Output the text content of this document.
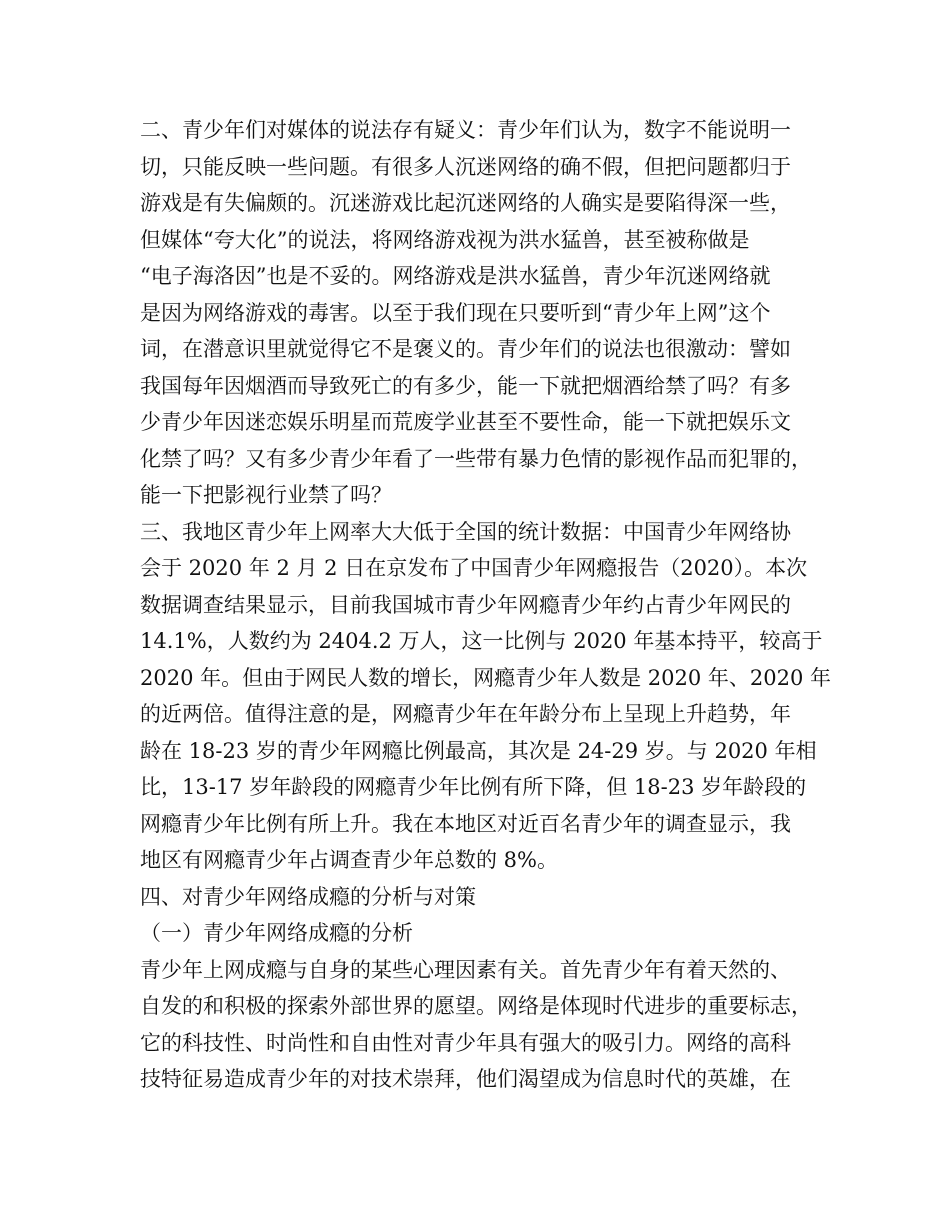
二、青少年们对媒体的说法存有疑义：青少年们认为，数字不能说明一
切，只能反映一些问题。有很多人沉迷网络的确不假，但把问题都归于
游戏是有失偏颇的。沉迷游戏比起沉迷网络的人确实是要陷得深一些，
但媒体“夸大化”的说法，将网络游戏视为洪水猛兽，甚至被称做是
“电子海洛因”也是不妥的。网络游戏是洪水猛兽，青少年沉迷网络就
是因为网络游戏的毒害。以至于我们现在只要听到“青少年上网”这个
词，在潜意识里就觉得它不是褒义的。青少年们的说法也很激动：譬如
我国每年因烟酒而导致死亡的有多少，能一下就把烟酒给禁了吗？有多
少青少年因迷恋娱乐明星而荒废学业甚至不要性命，能一下就把娱乐文
化禁了吗？又有多少青少年看了一些带有暴力色情的影视作品而犯罪的，
能一下把影视行业禁了吗？
三、我地区青少年上网率大大低于全国的统计数据：中国青少年网络协
会于 2020 年 2 月 2 日在京发布了中国青少年网瘾报告（2020）。本次
数据调查结果显示，目前我国城市青少年网瘾青少年约占青少年网民的
14.1%，人数约为 2404.2 万人，这一比例与 2020 年基本持平，较高于
2020 年。但由于网民人数的增长，网瘾青少年人数是 2020 年、2020 年
的近两倍。值得注意的是，网瘾青少年在年龄分布上呈现上升趋势，年
龄在 18-23 岁的青少年网瘾比例最高，其次是 24-29 岁。与 2020 年相
比，13-17 岁年龄段的网瘾青少年比例有所下降，但 18-23 岁年龄段的
网瘾青少年比例有所上升。我在本地区对近百名青少年的调查显示，我
地区有网瘾青少年占调查青少年总数的 8%。
四、对青少年网络成瘾的分析与对策
（一）青少年网络成瘾的分析
青少年上网成瘾与自身的某些心理因素有关。首先青少年有着天然的、
自发的和积极的探索外部世界的愿望。网络是体现时代进步的重要标志，
它的科技性、时尚性和自由性对青少年具有强大的吸引力。网络的高科
技特征易造成青少年的对技术崇拜，他们渴望成为信息时代的英雄，在
